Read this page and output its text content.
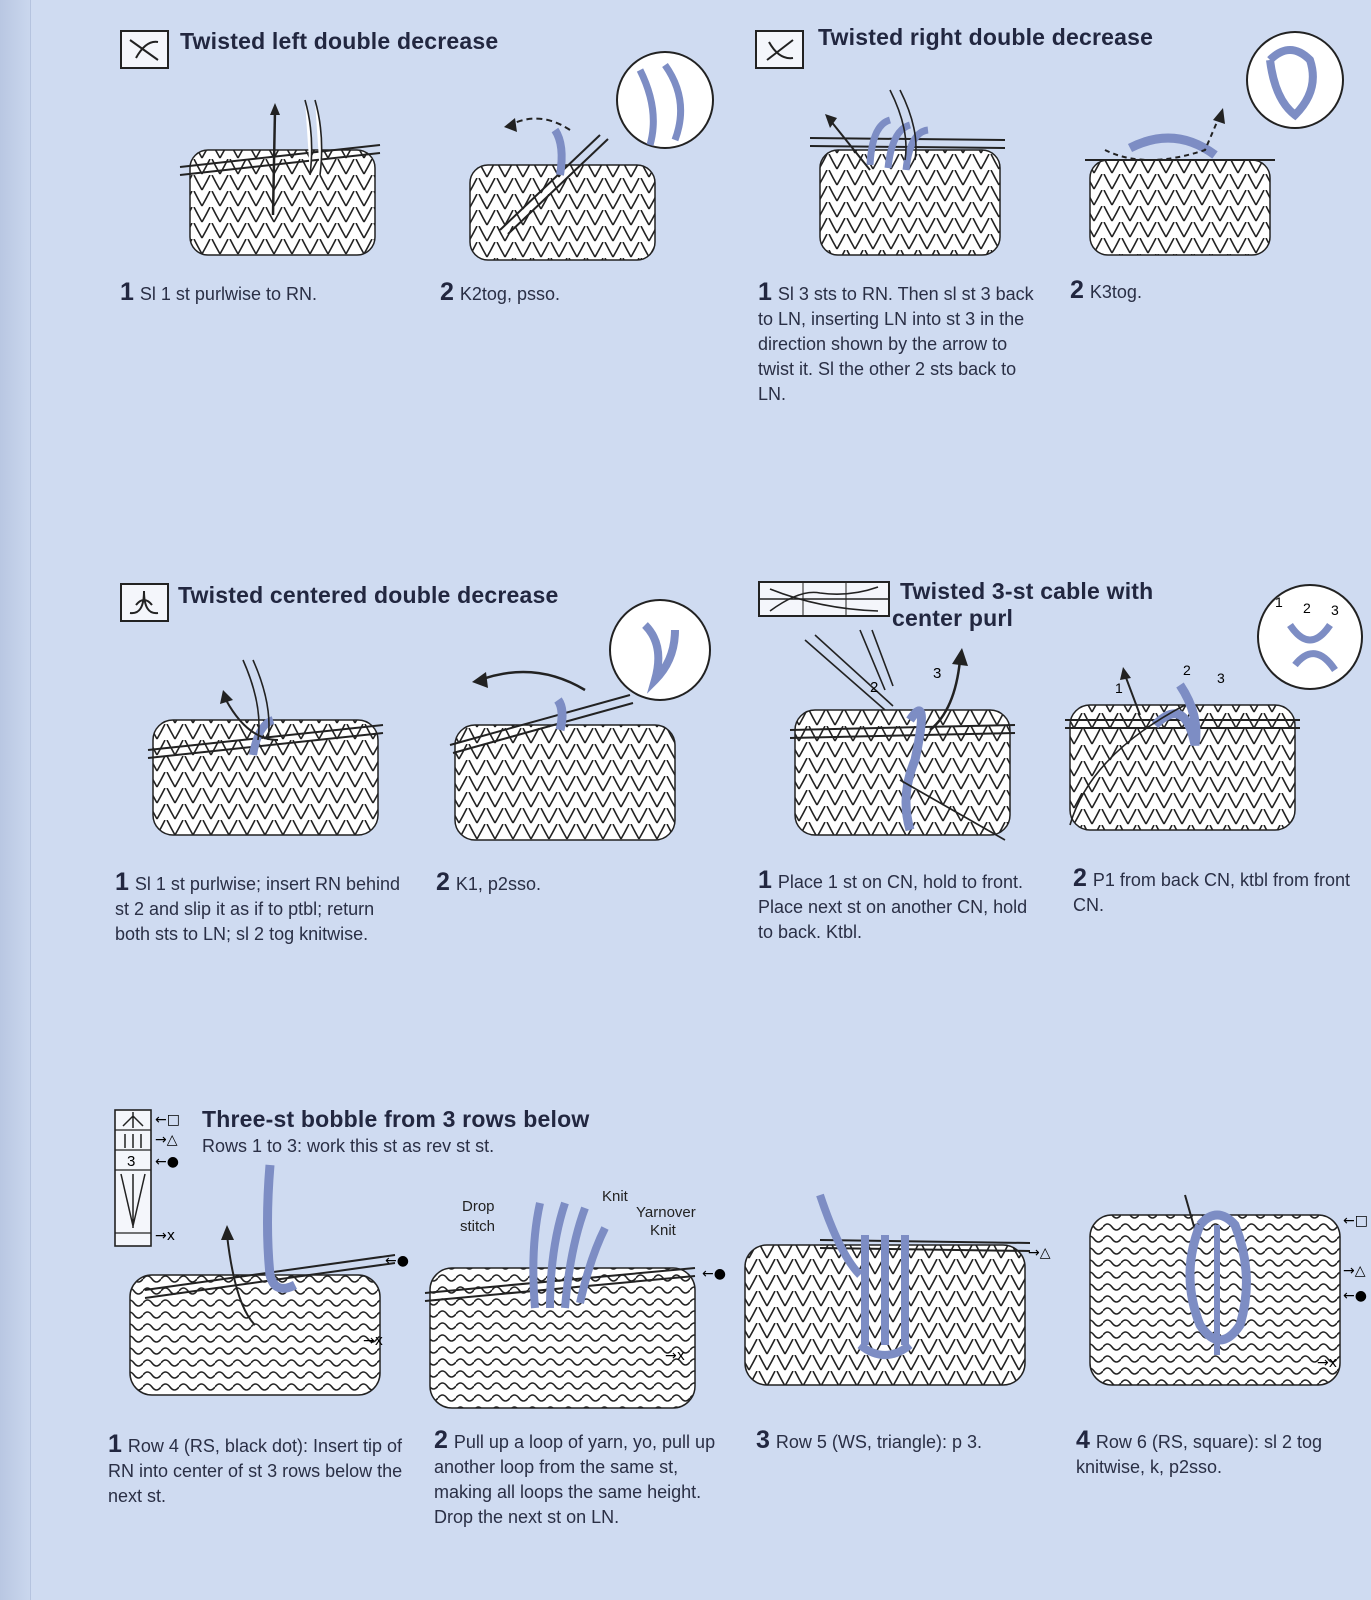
Twisted left double decrease
1 Sl 1 st purlwise to RN.	2 K2tog, psso.
Twisted right double decrease
1 Sl 3 sts to RN. Then sl st 3 back to LN, inserting LN into st 3 in the direction shown by the arrow to twist it. Sl the other 2 sts back to LN.
2 K3tog.
Twisted centered double decrease
1 Sl 1 st purlwise; insert RN behind st 2 and slip it as if to ptbl; return both sts to LN; sl 2 tog knitwise.
2 K1, p2sso.
Twisted 3-st cable with
center purl
2
3
1 2 3
1
2 3
1 Place 1 st on CN, hold to front. Place next st on another CN, hold to back. Ktbl.
2 P1 from back CN, ktbl from front CN.
3
←□
→△
←●
→x
Three-st bobble from 3 rows below
Rows 1 to 3: work this st as rev st st.
←●
→x
←●
→x
Drop
stitch
Knit
Yarnover
Knit
→△
←□
→△
←●
→x
1 Row 4 (RS, black dot): Insert tip of RN into center of st 3 rows below the next st.
2 Pull up a loop of yarn, yo, pull up another loop from the same st, making all loops the same height. Drop the next st on LN.
3 Row 5 (WS, triangle): p 3.	4 Row 6 (RS, square): sl 2 tog knitwise, k, p2sso.
